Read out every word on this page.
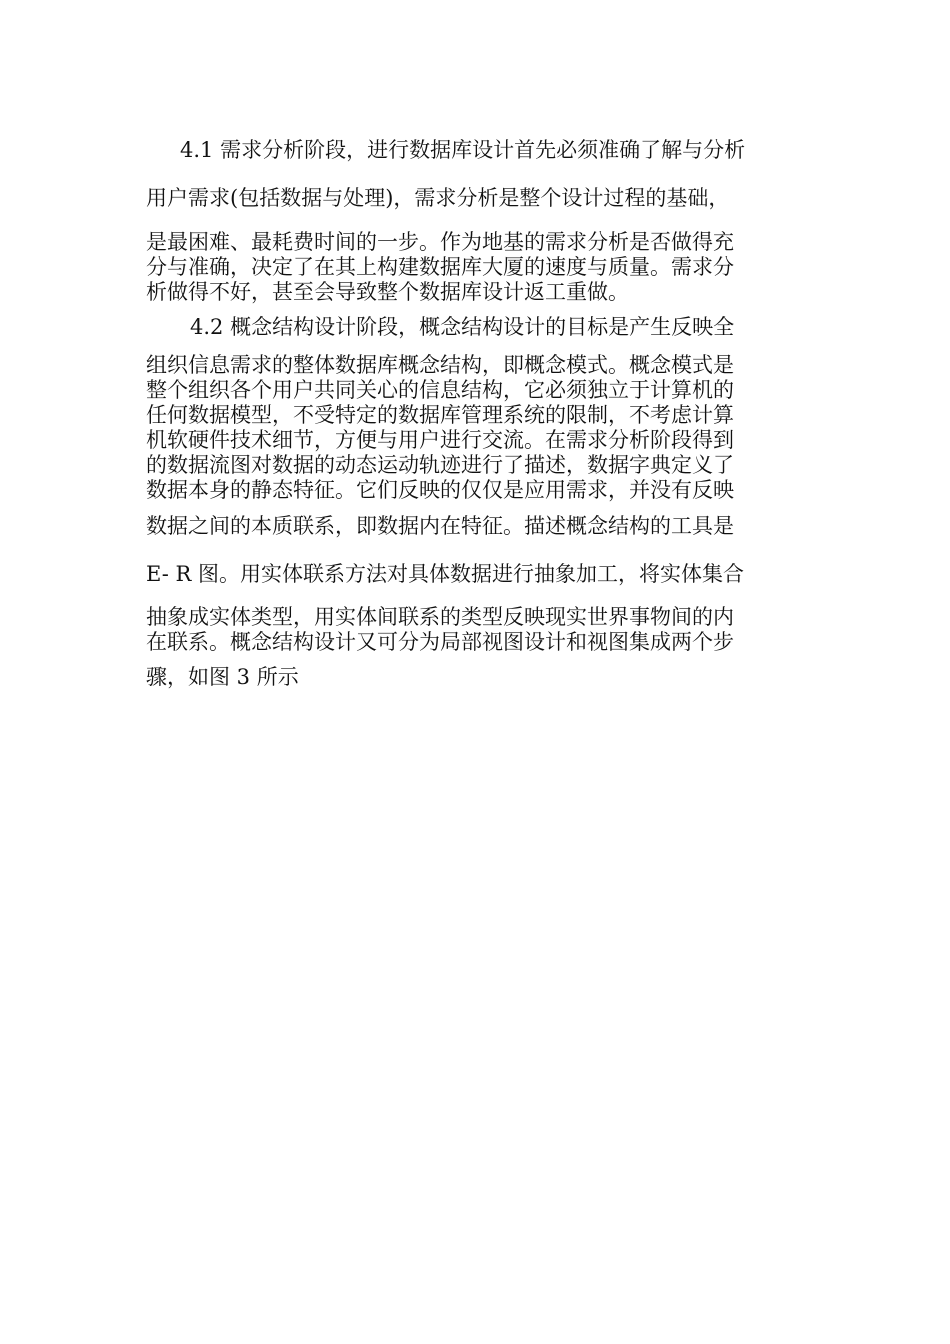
4.1 需求分析阶段，进行数据库设计首先必须准确了解与分析
用户需求(包括数据与处理)，需求分析是整个设计过程的基础，
是最困难、最耗费时间的一步。作为地基的需求分析是否做得充
分与准确，决定了在其上构建数据库大厦的速度与质量。需求分
析做得不好，甚至会导致整个数据库设计返工重做。
4.2 概念结构设计阶段，概念结构设计的目标是产生反映全
组织信息需求的整体数据库概念结构，即概念模式。概念模式是
整个组织各个用户共同关心的信息结构，它必须独立于计算机的
任何数据模型，不受特定的数据库管理系统的限制，不考虑计算
机软硬件技术细节，方便与用户进行交流。在需求分析阶段得到
的数据流图对数据的动态运动轨迹进行了描述，数据字典定义了
数据本身的静态特征。它们反映的仅仅是应用需求，并没有反映
数据之间的本质联系，即数据内在特征。描述概念结构的工具是
E- R 图。用实体联系方法对具体数据进行抽象加工，将实体集合
抽象成实体类型，用实体间联系的类型反映现实世界事物间的内
在联系。概念结构设计又可分为局部视图设计和视图集成两个步
骤，如图 3 所示
